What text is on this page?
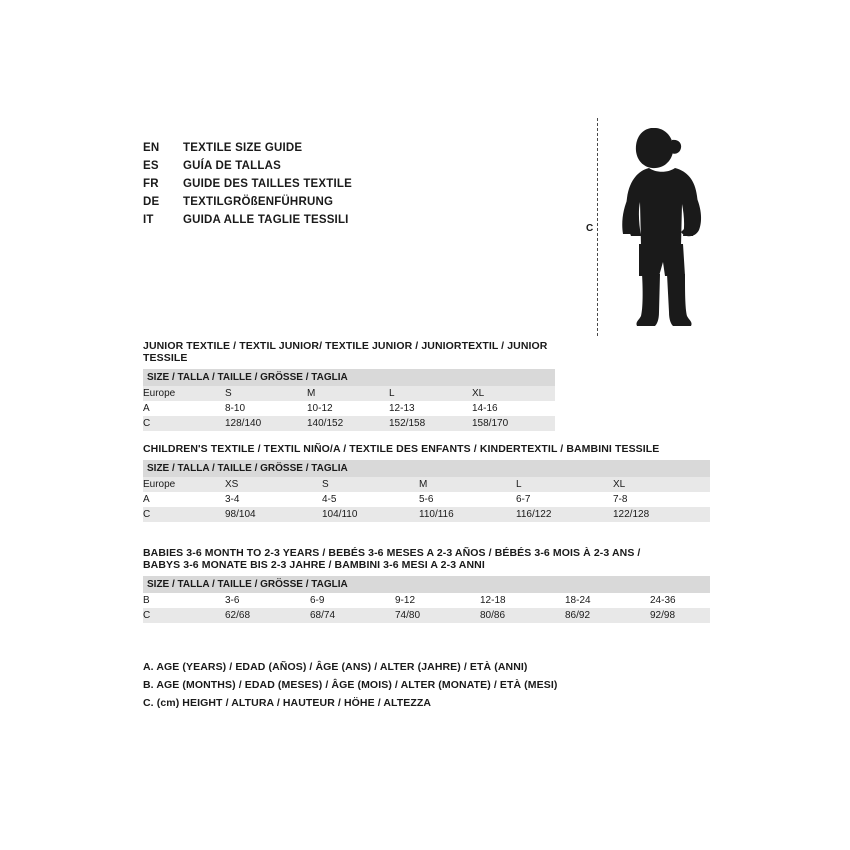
EN	TEXTILE SIZE GUIDE
ES	GUÍA DE TALLAS
FR	GUIDE DES TAILLES TEXTILE
DE	TEXTILGRÖßENFÜHRUNG
IT	GUIDA ALLE TAGLIE TESSILI
C
JUNIOR TEXTILE / TEXTIL JUNIOR/ TEXTILE JUNIOR / JUNIORTEXTIL / JUNIOR TESSILE
SIZE / TALLA / TAILLE / GRÖSSE / TAGLIA				
Europe	S	M	L	XL
A	8-10	10-12	12-13	14-16
C	128/140	140/152	152/158	158/170
CHILDREN'S TEXTILE / TEXTIL NIÑO/A / TEXTILE DES ENFANTS / KINDERTEXTIL / BAMBINI TESSILE
SIZE / TALLA / TAILLE / GRÖSSE / TAGLIA					
Europe	XS	S	M	L	XL
A	3-4	4-5	5-6	6-7	7-8
C	98/104	104/110	110/116	116/122	122/128
BABIES 3-6 MONTH TO 2-3 YEARS / BEBÉS 3-6 MESES A 2-3 AÑOS / BÉBÉS 3-6 MOIS À 2-3 ANS /
BABYS 3-6 MONATE BIS 2-3 JAHRE / BAMBINI 3-6 MESI A 2-3 ANNI
SIZE / TALLA / TAILLE / GRÖSSE / TAGLIA						
B	3-6	6-9	9-12	12-18	18-24	24-36
C	62/68	68/74	74/80	80/86	86/92	92/98
A. AGE (YEARS) / EDAD (AÑOS) / ÂGE (ANS) / ALTER (JAHRE) / ETÀ (ANNI)
B. AGE (MONTHS) / EDAD (MESES) / ÂGE (MOIS) / ALTER (MONATE) / ETÀ (MESI)
C. (cm) HEIGHT / ALTURA / HAUTEUR / HÖHE / ALTEZZA
